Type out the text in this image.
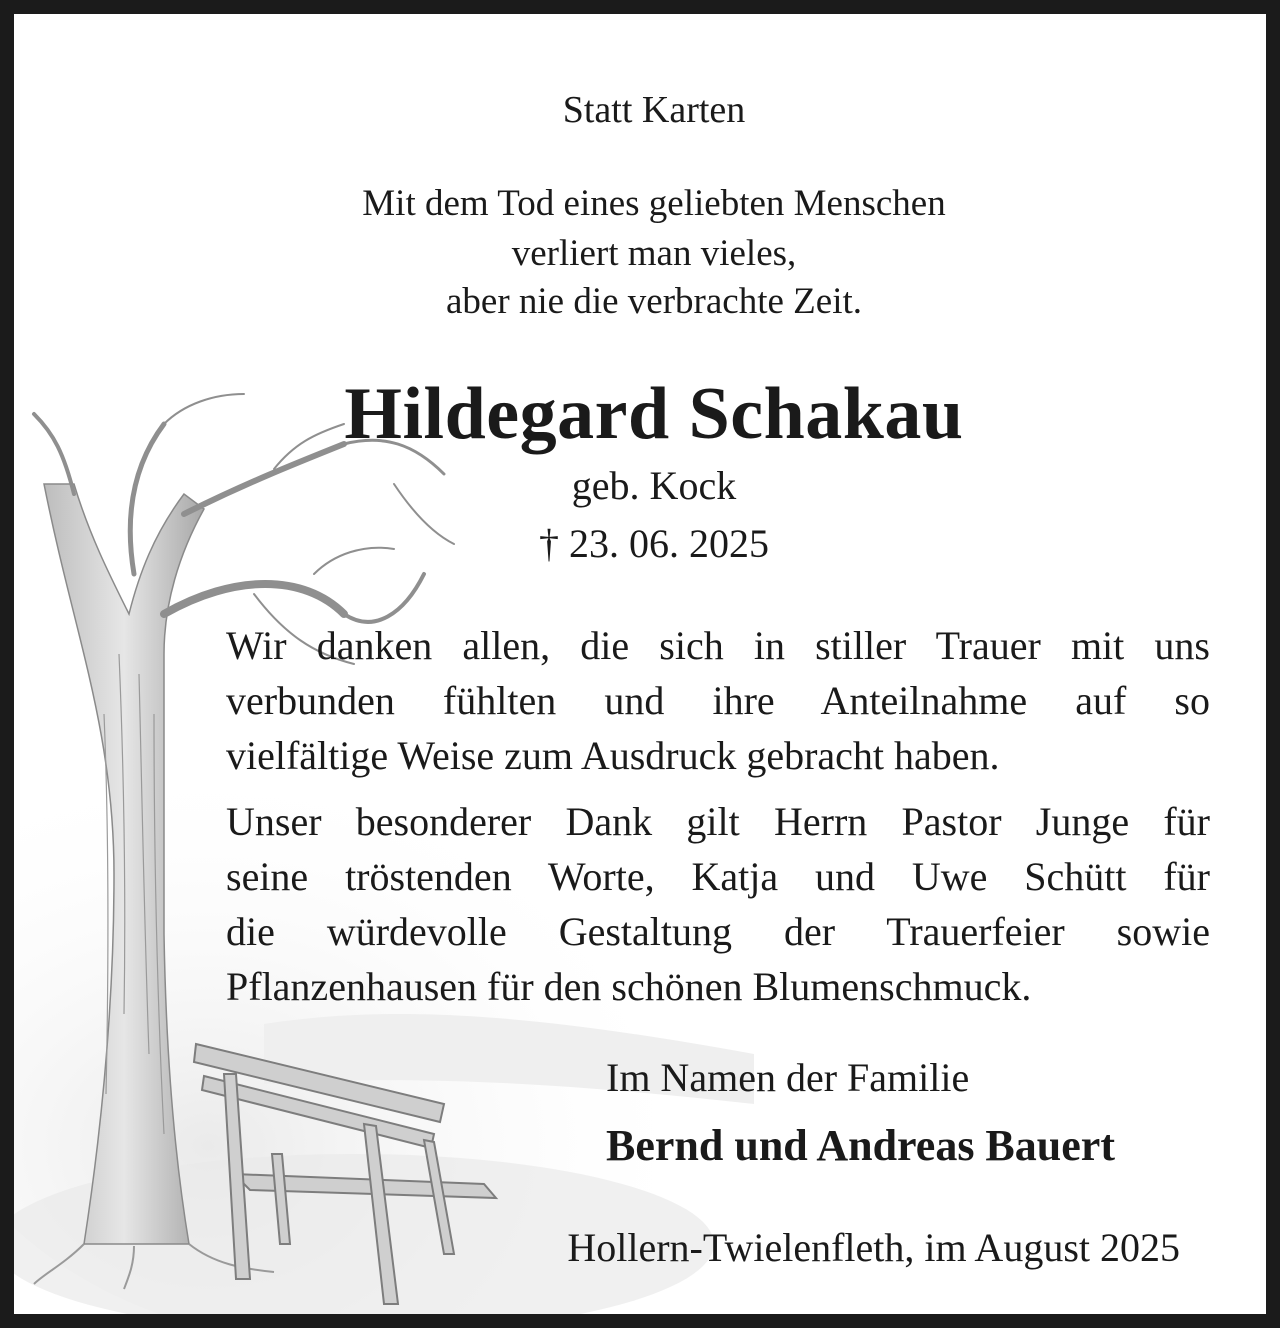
Statt Karten
Mit dem Tod eines geliebten Menschen
verliert man vieles,
aber nie die verbrachte Zeit.
Hildegard Schakau
geb. Kock
† 23. 06. 2025
Wir danken allen, die sich in stiller Trauer mit uns
verbunden fühlten und ihre Anteilnahme auf so
vielfältige Weise zum Ausdruck gebracht haben.
Unser besonderer Dank gilt Herrn Pastor Junge für
seine tröstenden Worte, Katja und Uwe Schütt für
die würdevolle Gestaltung der Trauerfeier sowie
Pflanzenhausen für den schönen Blumenschmuck.
Im Namen der Familie
Bernd und Andreas Bauert
Hollern-Twielenfleth, im August 2025
